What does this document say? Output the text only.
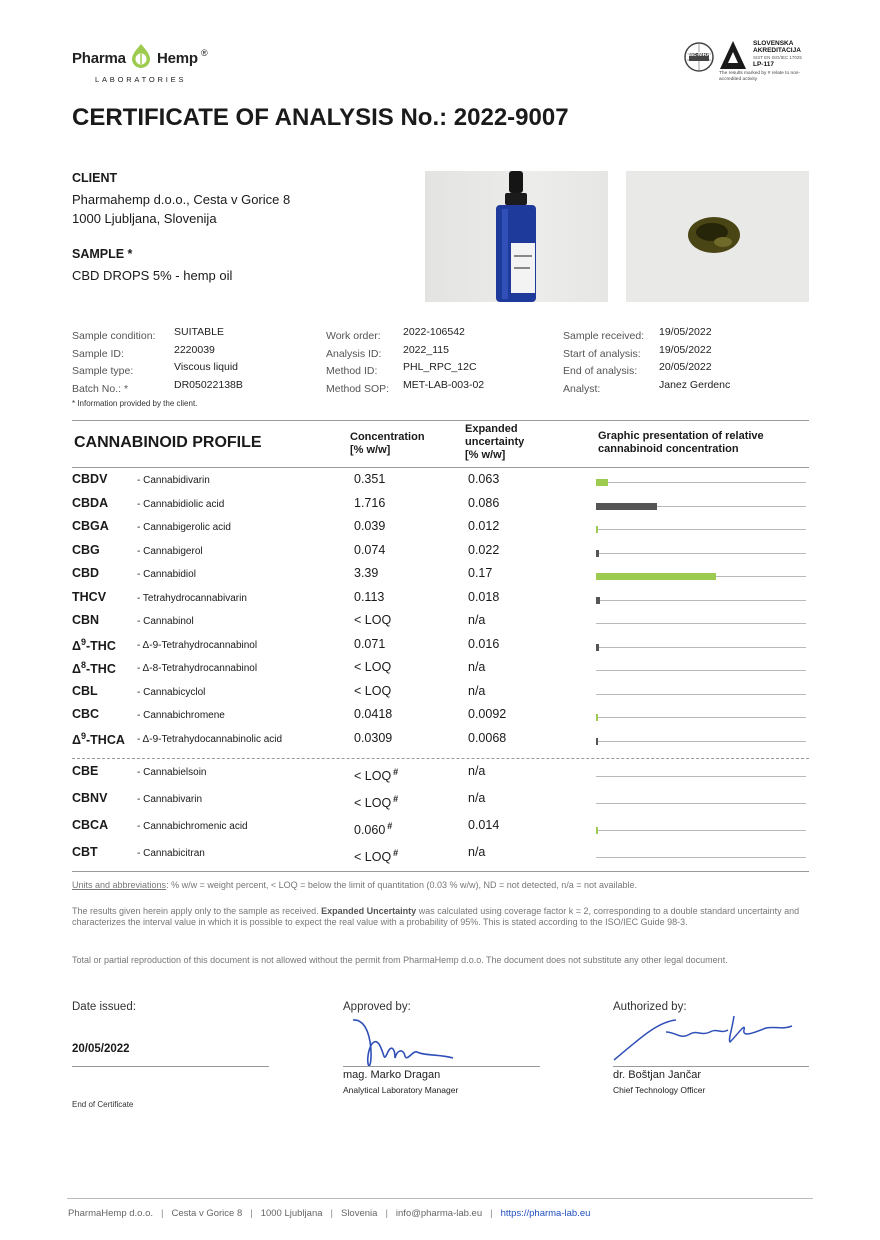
Pharma Hemp ®
LABORATORIES
ilac-MRA
SLOVENSKA
AKREDITACIJA
SIST EN ISO/IEC 17025
LP-117
The results marked by # relate to non-accredited activity
CERTIFICATE OF ANALYSIS No.: 2022-9007
CLIENT
Pharmahemp d.o.o., Cesta v Gorice 8
1000 Ljubljana, Slovenija
SAMPLE *
CBD DROPS 5% - hemp oil
Sample condition: SUITABLE
Sample ID:	2220039
Sample type:	Viscous liquid
Batch No.: *	DR05022138B
Work order: 2022-106542
Analysis ID: 2022_115
Method ID: PHL_RPC_12C
Method SOP: MET-LAB-003-02
Sample received: 19/05/2022
Start of analysis: 19/05/2022
End of analysis: 20/05/2022
Analyst:	Janez Gerdenc
* Information provided by the client.
CANNABINOID PROFILE	Concentration
[% w/w]
Expanded
uncertainty
[% w/w]
Graphic presentation of relative
cannabinoid concentration
CBDV	- Cannabidivarin	0.351	0.063
CBDA	- Cannabidiolic acid	1.716	0.086
CBGA	- Cannabigerolic acid	0.039	0.012
CBG	- Cannabigerol	0.074	0.022
CBD	- Cannabidiol	3.39	0.17
THCV	- Tetrahydrocannabivarin	0.113	0.018
CBN	- Cannabinol	< LOQ	n/a
$\Delta^9$-THC - Δ-9-Tetrahydrocannabinol	0.071	0.016
$\Delta^8$-THC - Δ-8-Tetrahydrocannabinol	< LOQ	n/a
CBL	- Cannabicyclol	< LOQ	n/a
CBC	- Cannabichromene	0.0418	0.0092
$\Delta^9$-THCA - Δ-9-Tetrahydocannabinolic acid	0.0309	0.0068
CBE	- Cannabielsoin	< LOQ #	n/a
CBNV	- Cannabivarin	< LOQ #	n/a
CBCA	- Cannabichromenic acid	0.060 #	0.014
CBT	- Cannabicitran	< LOQ #	n/a
Units and abbreviations: % w/w = weight percent, < LOQ = below the limit of quantitation (0.03 % w/w), ND = not detected, n/a = not available.
The results given herein apply only to the sample as received. Expanded Uncertainty was calculated using coverage factor k = 2, corresponding to a double standard uncertainty and characterizes the interval value in which it is possible to expect the real value with a probability of 95%. This is stated according to the ISO/IEC Guide 98-3.
Total or partial reproduction of this document is not allowed without the permit from PharmaHemp d.o.o. The document does not substitute any other legal document.
Date issued:
20/05/2022
End of Certificate
Approved by:
mag. Marko Dragan
Analytical Laboratory Manager
Authorized by:
dr. Boštjan Jančar
Chief Technology Officer
PharmaHemp d.o.o. | Cesta v Gorice 8 | 1000 Ljubljana | Slovenia | info@pharma-lab.eu | https://pharma-lab.eu
